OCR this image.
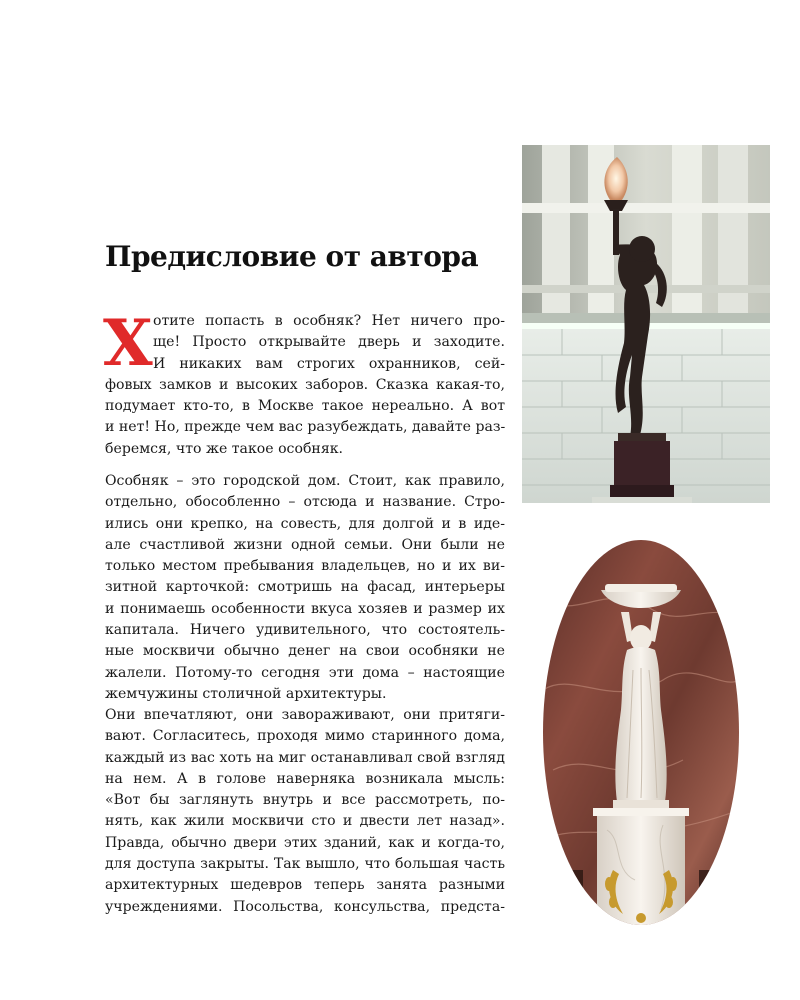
Предисловие от автора
Х отите попасть в особняк? Нет ничего про-
ще! Просто открывайте дверь и заходите.
И никаких вам строгих охранников, сей-
фовых замков и высоких заборов. Сказка какая-то,
подумает кто-то, в Москве такое нереально. А вот
и нет! Но, прежде чем вас разубеждать, давайте раз-
беремся, что же такое особняк.
Особняк – это городской дом. Стоит, как правило,
отдельно, обособленно – отсюда и название. Стро-
ились они крепко, на совесть, для долгой и в иде-
але счастливой жизни одной семьи. Они были не
только местом пребывания владельцев, но и их ви-
зитной карточкой: смотришь на фасад, интерьеры
и понимаешь особенности вкуса хозяев и размер их
капитала. Ничего удивительного, что состоятель-
ные москвичи обычно денег на свои особняки не
жалели. Потому-то сегодня эти дома – настоящие
жемчужины столичной архитектуры.
Они впечатляют, они завораживают, они притяги-
вают. Согласитесь, проходя мимо старинного дома,
каждый из вас хоть на миг останавливал свой взгляд
на нем. А в голове наверняка возникала мысль:
«Вот бы заглянуть внутрь и все рассмотреть, по-
нять, как жили москвичи сто и двести лет назад».
Правда, обычно двери этих зданий, как и когда-то,
для доступа закрыты. Так вышло, что большая часть
архитектурных шедевров теперь занята разными
учреждениями. Посольства, консульства, предста-
